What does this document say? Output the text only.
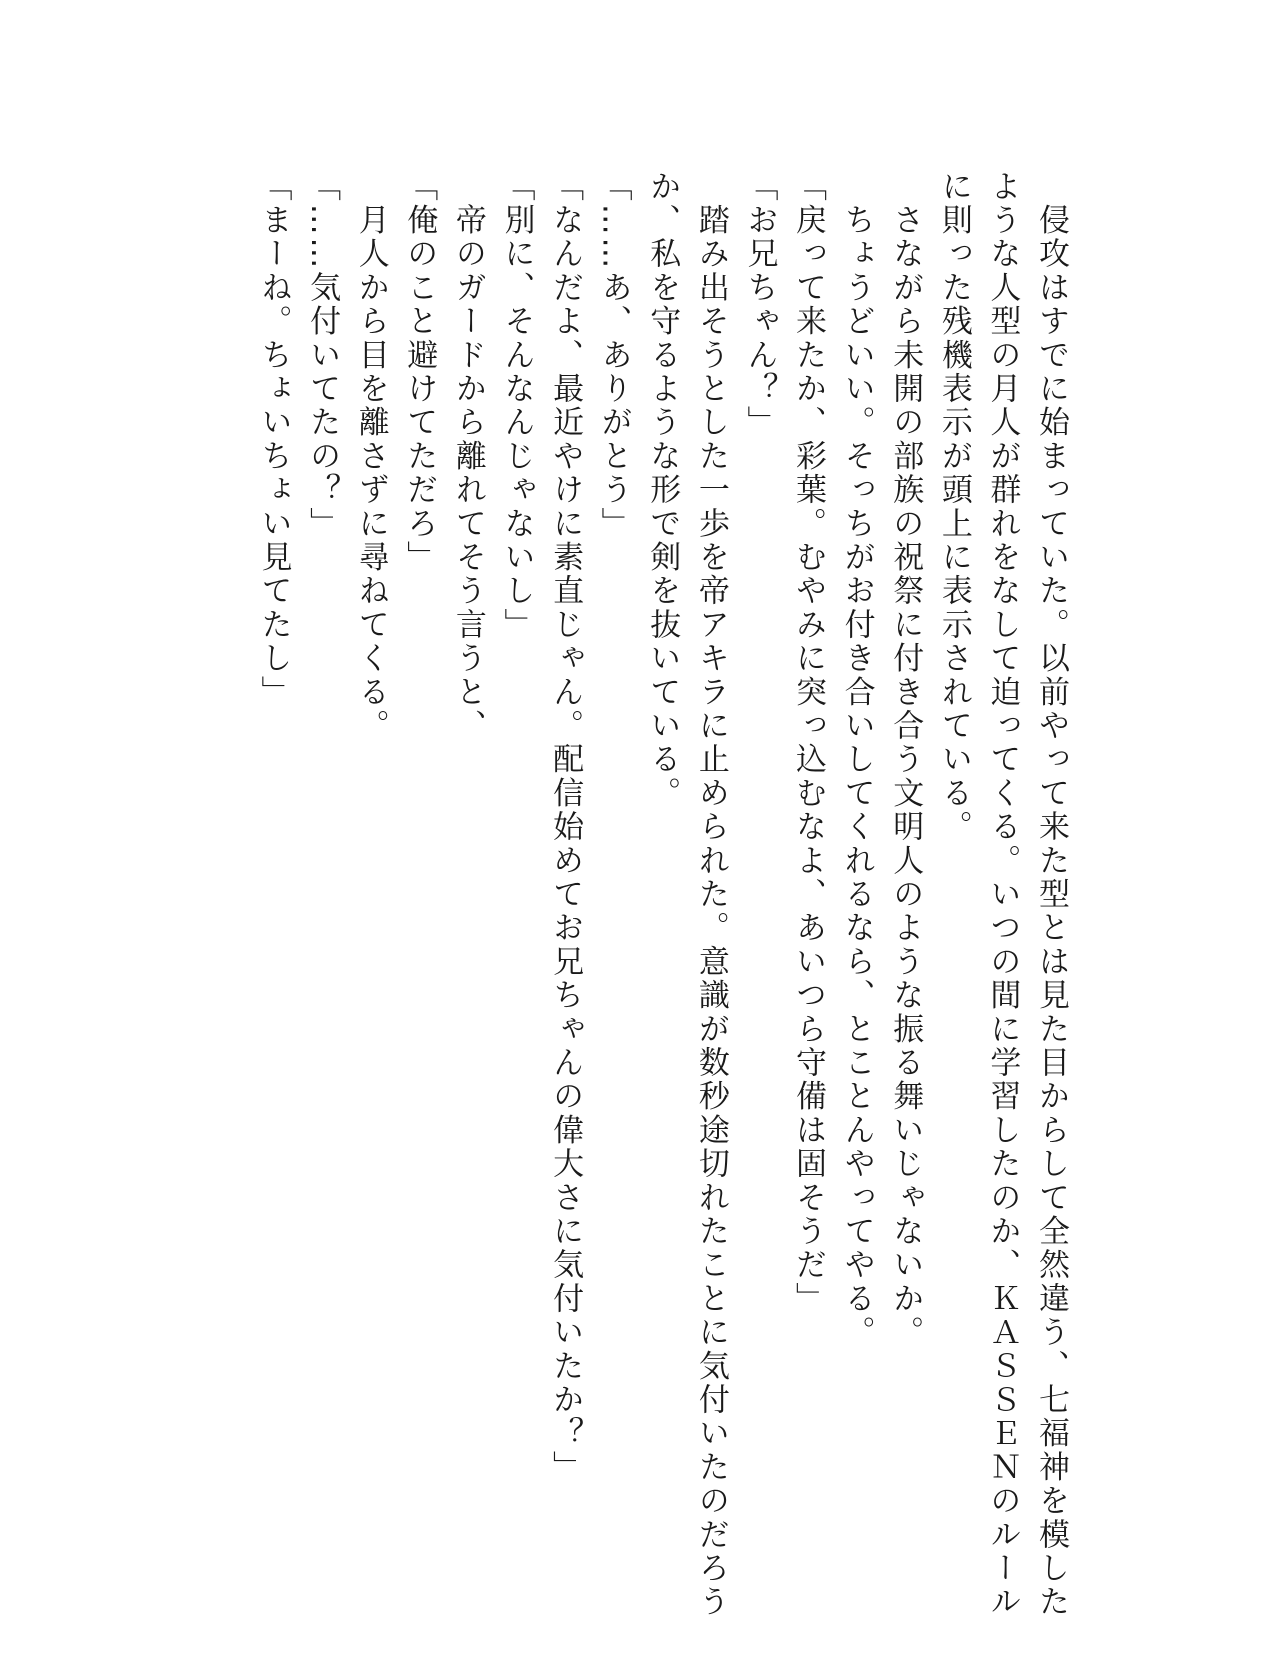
　侵攻はすでに始まっていた。以前やって来た型とは見た目からして全然違う、七福神を模した

ような人型の月人が群れをなして迫ってくる。いつの間に学習したのか、ＫＡＳＳＥＮのルール

に則った残機表示が頭上に表示されている。

　さながら未開の部族の祝祭に付き合う文明人のような振る舞いじゃないか。

　ちょうどいい。そっちがお付き合いしてくれるなら、とことんやってやる。

「戻って来たか、彩葉。むやみに突っ込むなよ、あいつら守備は固そうだ」

「お兄ちゃん？」

　踏み出そうとした一歩を帝アキラに止められた。意識が数秒途切れたことに気付いたのだろう

か、私を守るような形で剣を抜いている。

「……あ、ありがとう」

「なんだよ、最近やけに素直じゃん。配信始めてお兄ちゃんの偉大さに気付いたか？」

「別に、そんなんじゃないし」

　帝のガードから離れてそう言うと、

「俺のこと避けてただろ」

　月人から目を離さずに尋ねてくる。

「……気付いてたの？」

「まーね。ちょいちょい見てたし」
